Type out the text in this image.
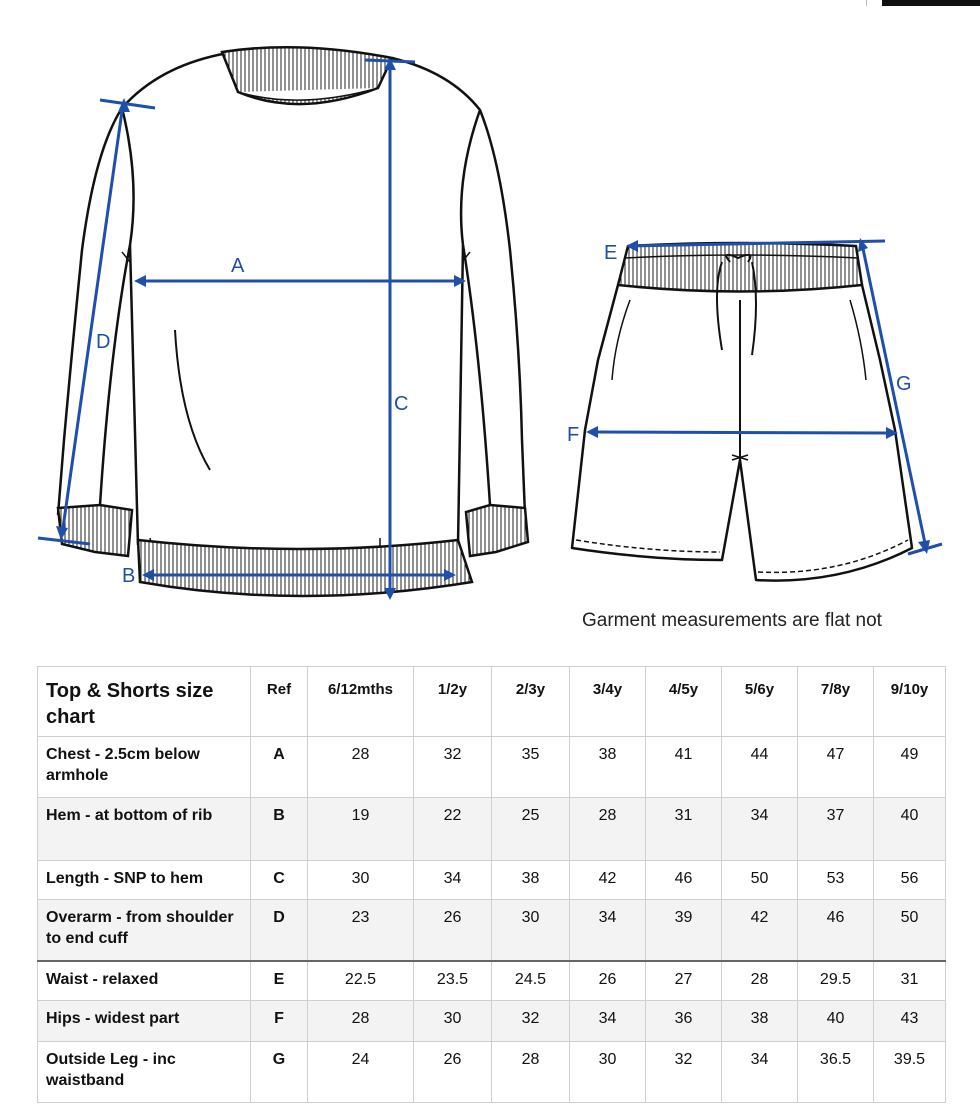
A
B
C
D
E
F
G
Garment measurements are flat not
Top & Shorts size chart	Ref	6/12mths	1/2y	2/3y	3/4y	4/5y	5/6y	7/8y	9/10y
Chest - 2.5cm below armhole	A	28	32	35	38	41	44	47	49
Hem - at bottom of rib	B	19	22	25	28	31	34	37	40
Length - SNP to hem	C	30	34	38	42	46	50	53	56
Overarm - from shoulder to end cuff	D	23	26	30	34	39	42	46	50
Waist - relaxed	E	22.5	23.5	24.5	26	27	28	29.5	31
Hips - widest part	F	28	30	32	34	36	38	40	43
Outside Leg - inc waistband	G	24	26	28	30	32	34	36.5	39.5
